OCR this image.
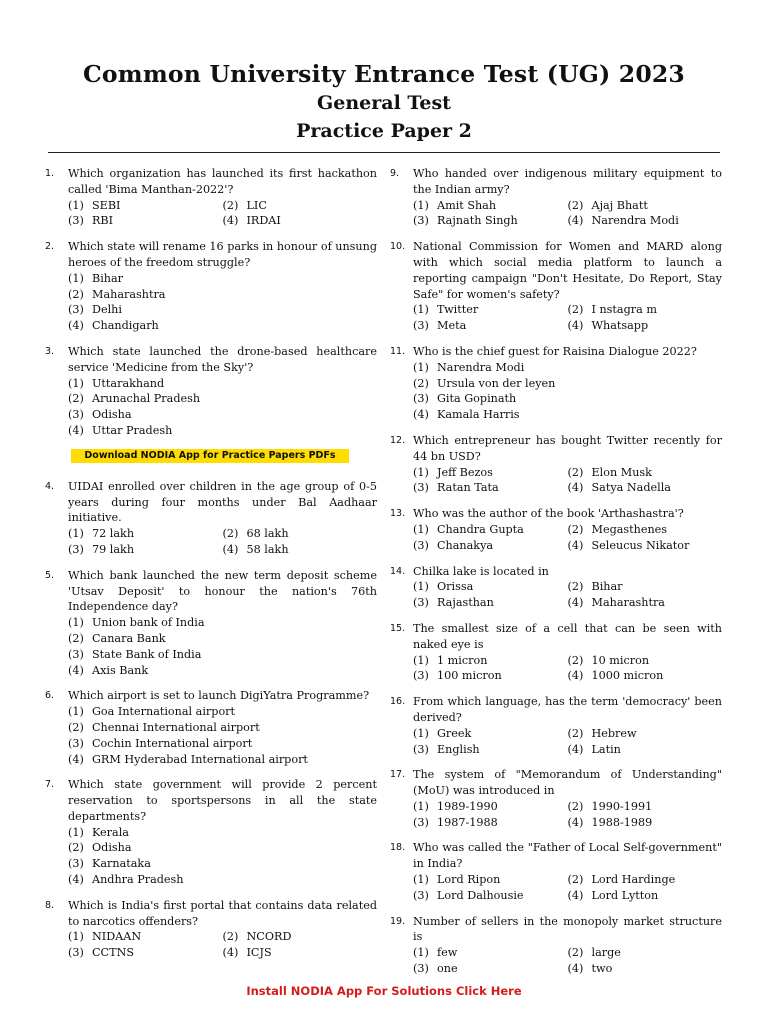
Common University Entrance Test (UG) 2023
General Test
Practice Paper 2
1.	Which organization has launched its first hackathon called 'Bima Manthan-2022'?
(1) SEBI	(2) LIC
(3) RBI	(4) IRDAI
2.	Which state will rename 16 parks in honour of unsung heroes of the freedom struggle?
(1) Bihar
(2) Maharashtra
(3) Delhi
(4) Chandigarh
3.	Which state launched the drone-based healthcare service 'Medicine from the Sky'?
(1) Uttarakhand
(2) Arunachal Pradesh
(3) Odisha
(4) Uttar Pradesh
Download NODIA App for Practice Papers PDFs
4.	UIDAI enrolled over children in the age group of 0-5 years during four months under Bal Aadhaar initiative.
(1) 72 lakh	(2) 68 lakh
(3) 79 lakh	(4) 58 lakh
5.	Which bank launched the new term deposit scheme 'Utsav Deposit' to honour the nation's 76th Independence day?
(1) Union bank of India
(2) Canara Bank
(3) State Bank of India
(4) Axis Bank
6.	Which airport is set to launch DigiYatra Programme?
(1) Goa International airport
(2) Chennai International airport
(3) Cochin International airport
(4) GRM Hyderabad International airport
7.	Which state government will provide 2 percent reservation to sportspersons in all the state departments?
(1) Kerala
(2) Odisha
(3) Karnataka
(4) Andhra Pradesh
8.	Which is India's first portal that contains data related to narcotics offenders?
(1) NIDAAN	(2) NCORD
(3) CCTNS	(4) ICJS
9.	Who handed over indigenous military equipment to the Indian army?
(1) Amit Shah	(2) Ajaj Bhatt
(3) Rajnath Singh	(4) Narendra Modi
10. National Commission for Women and MARD along with which social media platform to launch a reporting campaign "Don't Hesitate, Do Report, Stay Safe" for women's safety?
(1) Twitter	(2) I nstagra m
(3) Meta	(4) Whatsapp
11. Who is the chief guest for Raisina Dialogue 2022?
(1) Narendra Modi
(2) Ursula von der leyen
(3) Gita Gopinath
(4) Kamala Harris
12. Which entrepreneur has bought Twitter recently for 44 bn USD?
(1) Jeff Bezos	(2) Elon Musk
(3) Ratan Tata	(4) Satya Nadella
13. Who was the author of the book 'Arthashastra'?
(1) Chandra Gupta	(2) Megasthenes
(3) Chanakya	(4) Seleucus Nikator
14. Chilka lake is located in
(1) Orissa	(2) Bihar
(3) Rajasthan	(4) Maharashtra
15. The smallest size of a cell that can be seen with naked eye is
(1) 1 micron	(2) 10 micron
(3) 100 micron	(4) 1000 micron
16. From which language, has the term 'democracy' been derived?
(1) Greek	(2) Hebrew
(3) English	(4) Latin
17. The system of "Memorandum of Understanding" (MoU) was introduced in
(1) 1989-1990	(2) 1990-1991
(3) 1987-1988	(4) 1988-1989
18. Who was called the "Father of Local Self-government" in India?
(1) Lord Ripon	(2) Lord Hardinge
(3) Lord Dalhousie	(4) Lord Lytton
19. Number of sellers in the monopoly market structure is
(1) few	(2) large
(3) one	(4) two
Install NODIA App For Solutions Click Here
